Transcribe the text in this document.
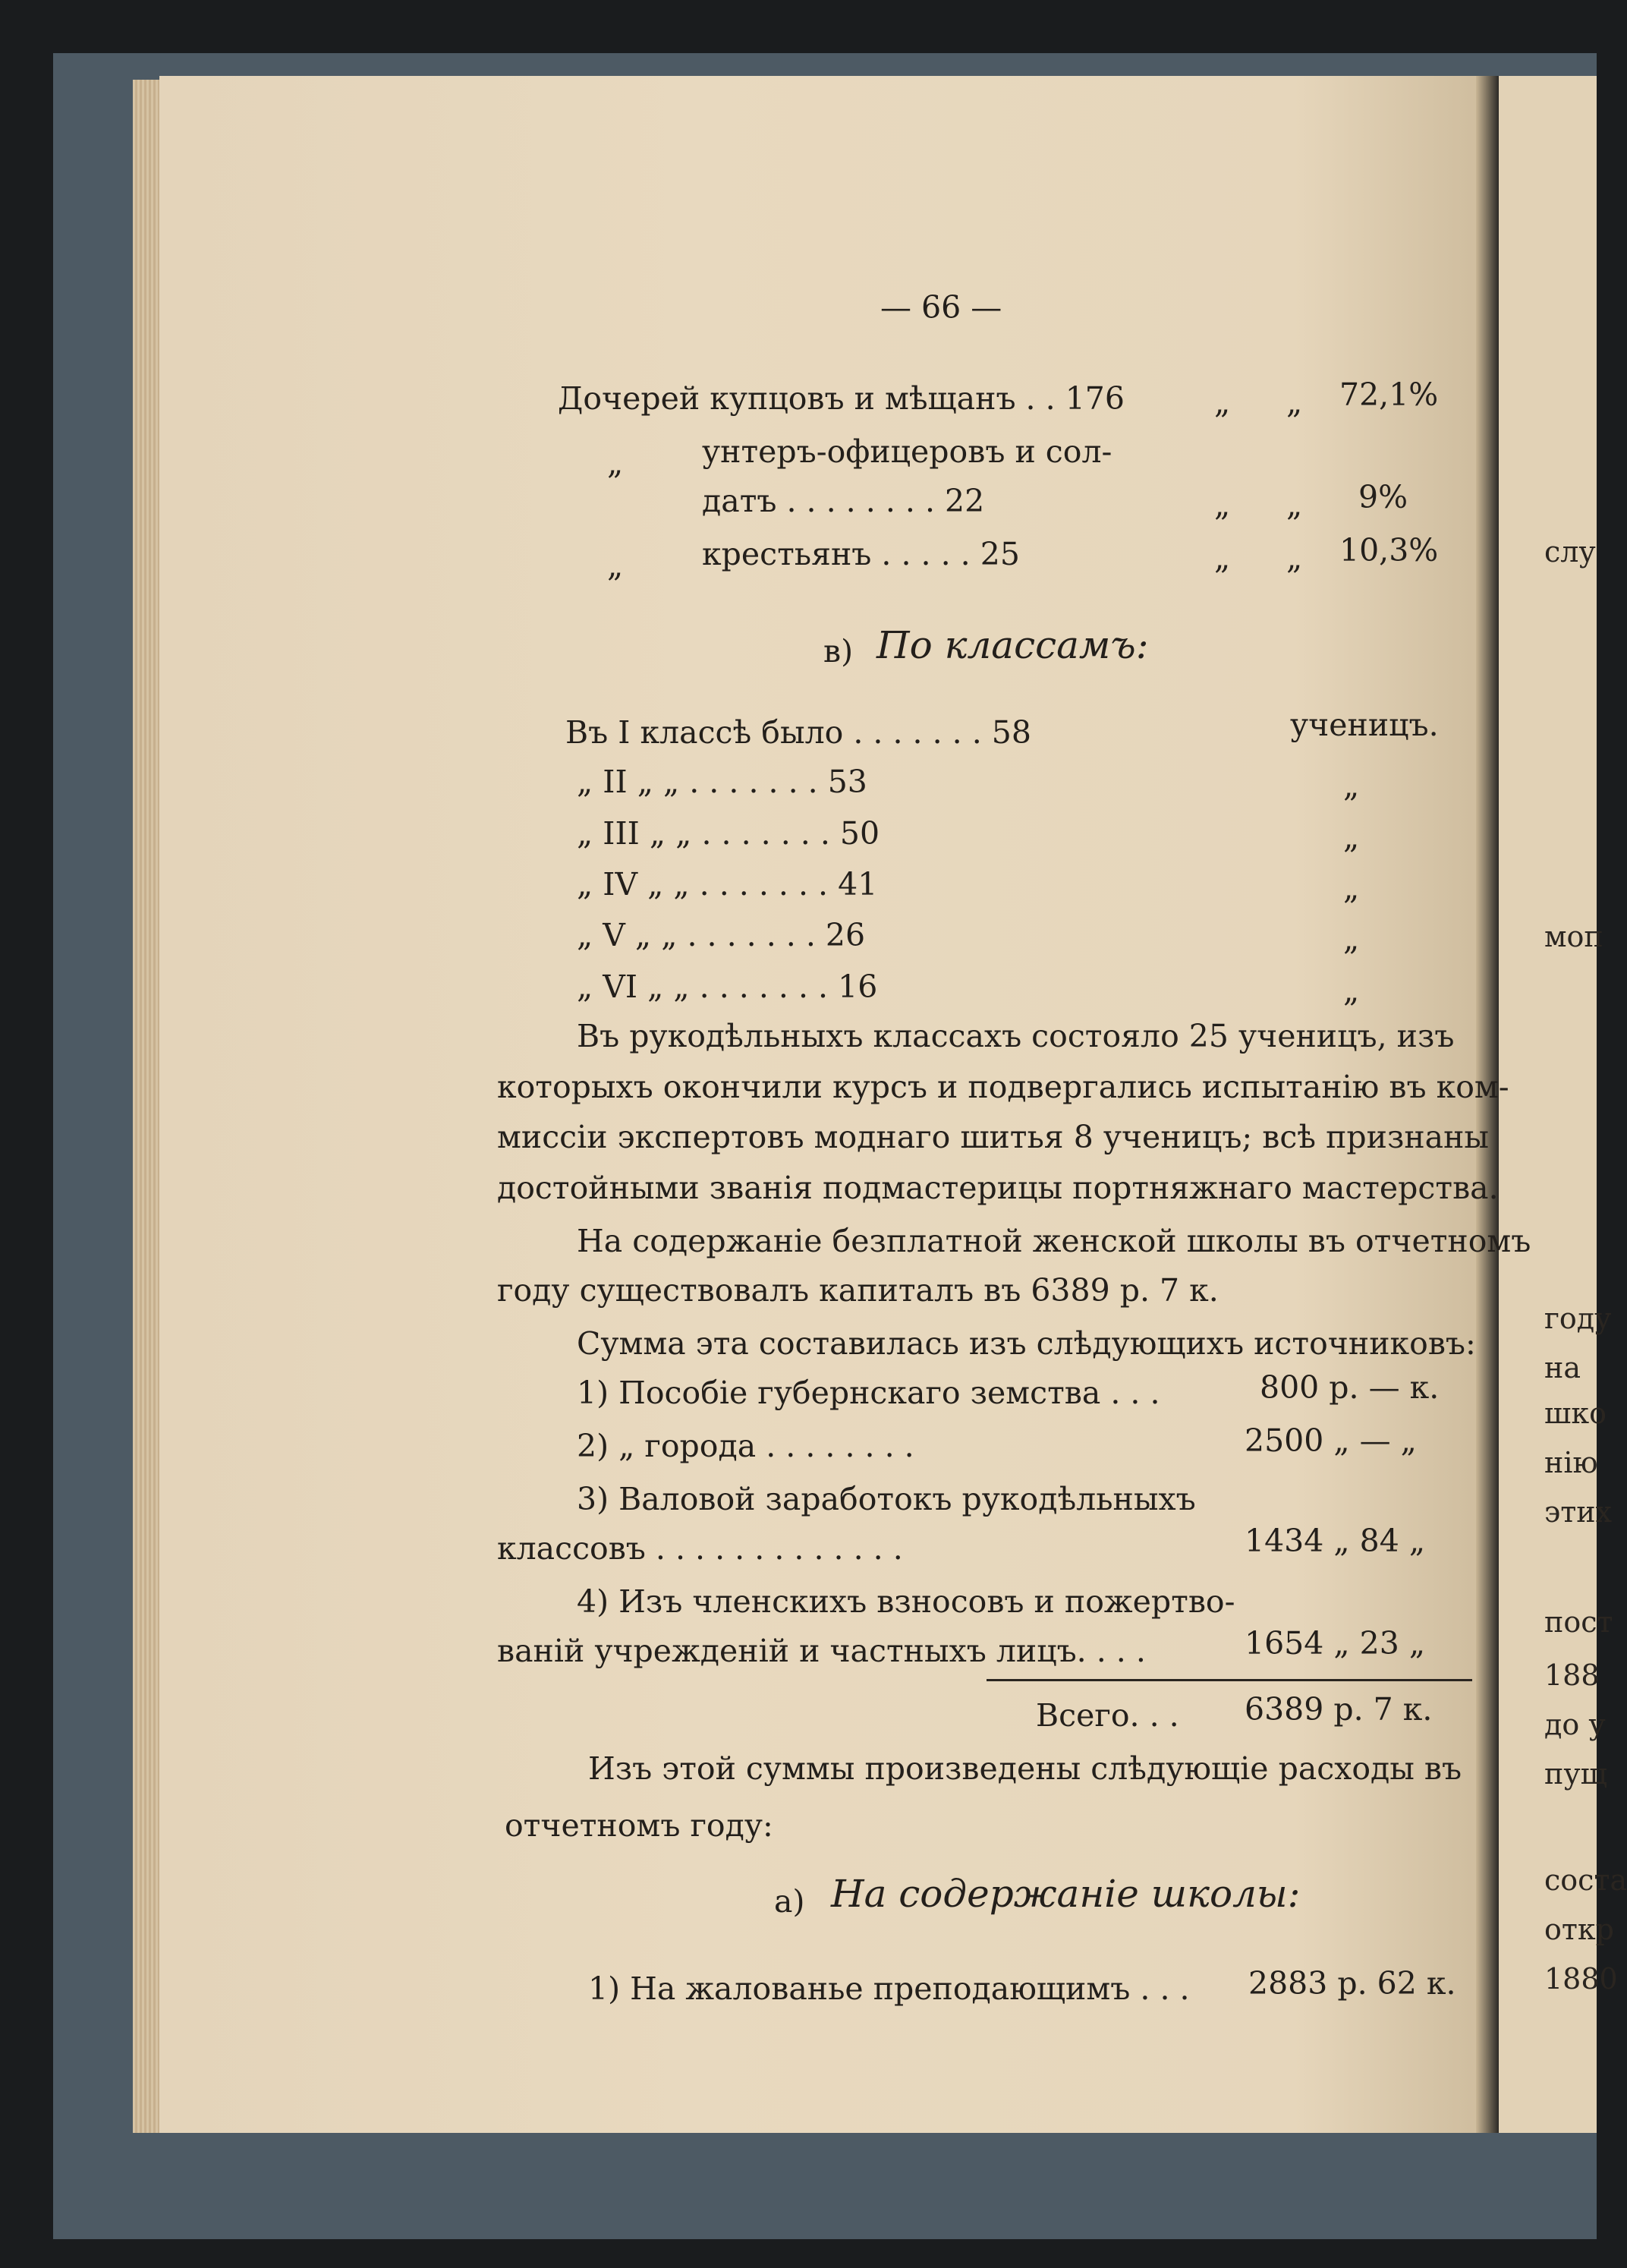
слу
моп
году
на
шко
нію
этих
пост
188
до у
пущ
соста
откр
1880
— 66 —
Дочерей купцовъ и мѣщанъ . . 176	„ „ 72,1%
„	унтеръ-офицеровъ и сол-
датъ . . . . . . . . 22	„ „ 9%
„	крестьянъ . . . . . 25	„ „ 10,3%
в) По классамъ:
Въ I классѣ было . . . . . . . 58	ученицъ.
„ II „ „ . . . . . . . 53	„
„ III „ „ . . . . . . . 50	„
„ IV „ „ . . . . . . . 41	„
„ V „ „ . . . . . . . 26	„
„ VI „ „ . . . . . . . 16	„
Въ рукодѣльныхъ классахъ состояло 25 ученицъ, изъ
которыхъ окончили курсъ и подвергались испытанію въ ком-
миссіи экспертовъ моднаго шитья 8 ученицъ; всѣ признаны
достойными званія подмастерицы портняжнаго мастерства.
На содержаніе безплатной женской школы въ отчетномъ
году существовалъ капиталъ въ 6389 р. 7 к.
Сумма эта составилась изъ слѣдующихъ источниковъ:
1) Пособіе губернскаго земства . . .	800 р. — к.
2) „ города . . . . . . . .	2500 „ — „
3) Валовой заработокъ рукодѣльныхъ
классовъ . . . . . . . . . . . . .	1434 „ 84 „
4) Изъ членскихъ взносовъ и пожертво-
ваній учрежденій и частныхъ лицъ. . . .	1654 „ 23 „
Всего. . . 6389 р. 7 к.
Изъ этой суммы произведены слѣдующіе расходы въ
отчетномъ году:
а) На содержаніе школы:
1) На жалованье преподающимъ . . . 2883 р. 62 к.
